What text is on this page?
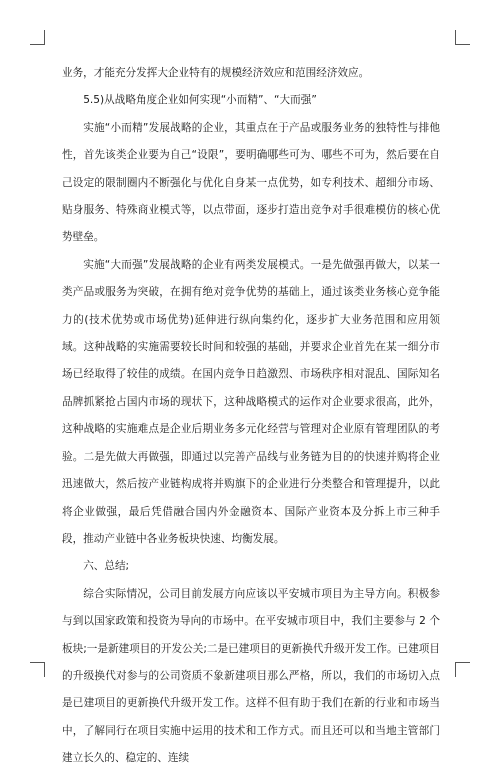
业务，才能充分发挥大企业特有的规模经济效应和范围经济效应。

5.5)从战略角度企业如何实现“小而精”、“大而强”

实施“小而精”发展战略的企业，其重点在于产品或服务业务的独特性与排他性，首先该类企业要为自己“设限”，要明确哪些可为、哪些不可为，然后要在自己设定的限制圈内不断强化与优化自身某一点优势，如专利技术、超细分市场、贴身服务、特殊商业模式等，以点带面，逐步打造出竞争对手很难模仿的核心优势壁垒。

实施“大而强”发展战略的企业有两类发展模式。一是先做强再做大，以某一类产品或服务为突破，在拥有绝对竞争优势的基础上，通过该类业务核心竞争能力的(技术优势或市场优势)延伸进行纵向集约化，逐步扩大业务范围和应用领域。这种战略的实施需要较长时间和较强的基础，并要求企业首先在某一细分市场已经取得了较佳的成绩。在国内竞争日趋激烈、市场秩序相对混乱、国际知名品牌抓紧抢占国内市场的现状下，这种战略模式的运作对企业要求很高，此外，这种战略的实施难点是企业后期业务多元化经营与管理对企业原有管理团队的考验。二是先做大再做强，即通过以完善产品线与业务链为目的的快速并购将企业迅速做大，然后按产业链构成将并购旗下的企业进行分类整合和管理提升，以此将企业做强，最后凭借融合国内外金融资本、国际产业资本及分拆上市三种手段，推动产业链中各业务板块快速、均衡发展。

六、总结;

综合实际情况，公司目前发展方向应该以平安城市项目为主导方向。积极参与到以国家政策和投资为导向的市场中。在平安城市项目中，我们主要参与 2 个板块;一是新建项目的开发公关;二是已建项目的更新换代升级开发工作。已建项目的升级换代对参与的公司资质不象新建项目那么严格，所以，我们的市场切入点是已建项目的更新换代升级开发工作。这样不但有助于我们在新的行业和市场当中，了解同行在项目实施中运用的技术和工作方式。而且还可以和当地主管部门建立长久的、稳定的、连续
